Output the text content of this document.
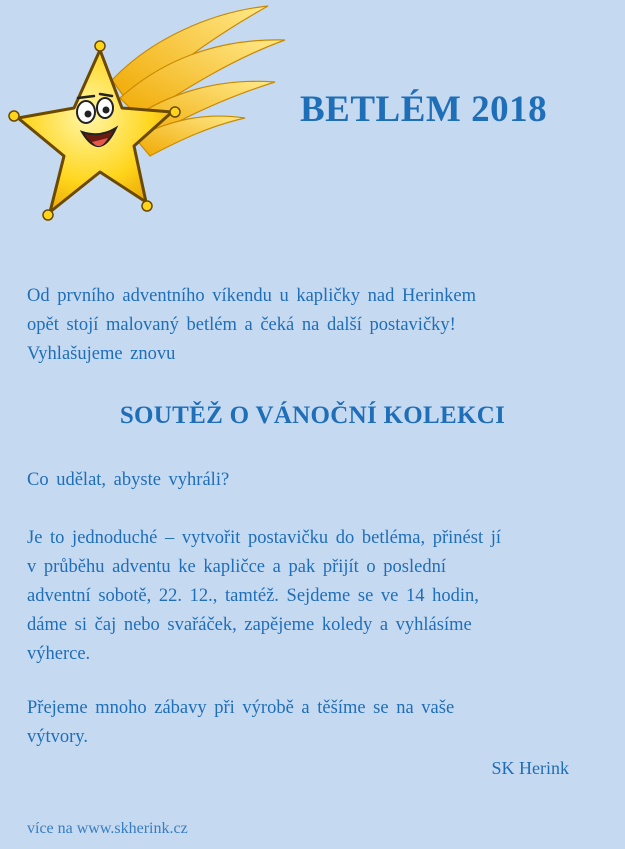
BETLÉM 2018
Od prvního adventního víkendu u kapličky nad Herinkem
opět stojí malovaný betlém a čeká na další postavičky!
Vyhlašujeme znovu
SOUTĚŽ O VÁNOČNÍ KOLEKCI
Co udělat, abyste vyhráli?
Je to jednoduché – vytvořit postavičku do betléma, přinést jí
v průběhu adventu ke kapličce a pak přijít o poslední
adventní sobotě, 22. 12., tamtéž. Sejdeme se ve 14 hodin,
dáme si čaj nebo svařáček, zapějeme koledy a vyhlásíme
výherce.
Přejeme mnoho zábavy při výrobě a těšíme se na vaše
výtvory.
SK Herink
více na www.skherink.cz
